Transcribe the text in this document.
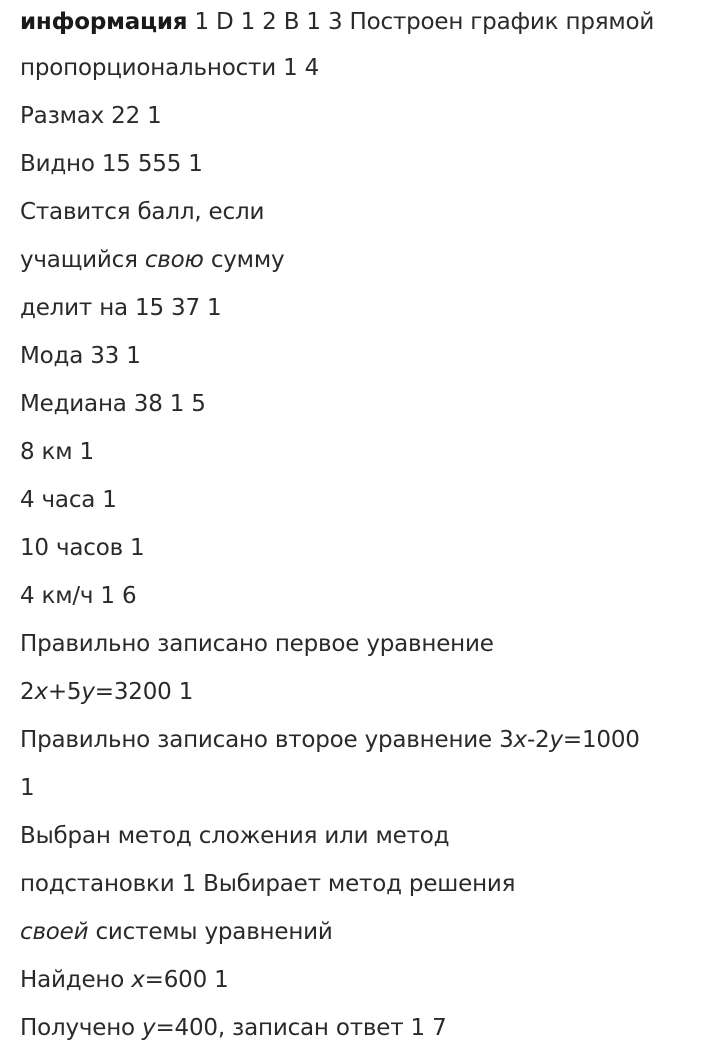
информация 1 D 1 2 B 1 3 Построен график прямой
пропорциональности 1 4
Размах 22 1
Видно 15 555 1
Ставится балл, если
учащийся свою сумму
делит на 15 37 1
Мода 33 1
Медиана 38 1 5
8 км 1
4 часа 1
10 часов 1
4 км/ч 1 6
Правильно записано первое уравнение
2x+5y=3200 1
Правильно записано второе уравнение 3x-2y=1000
1
Выбран метод сложения или метод
подстановки 1 Выбирает метод решения
своей системы уравнений
Найдено x=600 1
Получено y=400, записан ответ 1 7
